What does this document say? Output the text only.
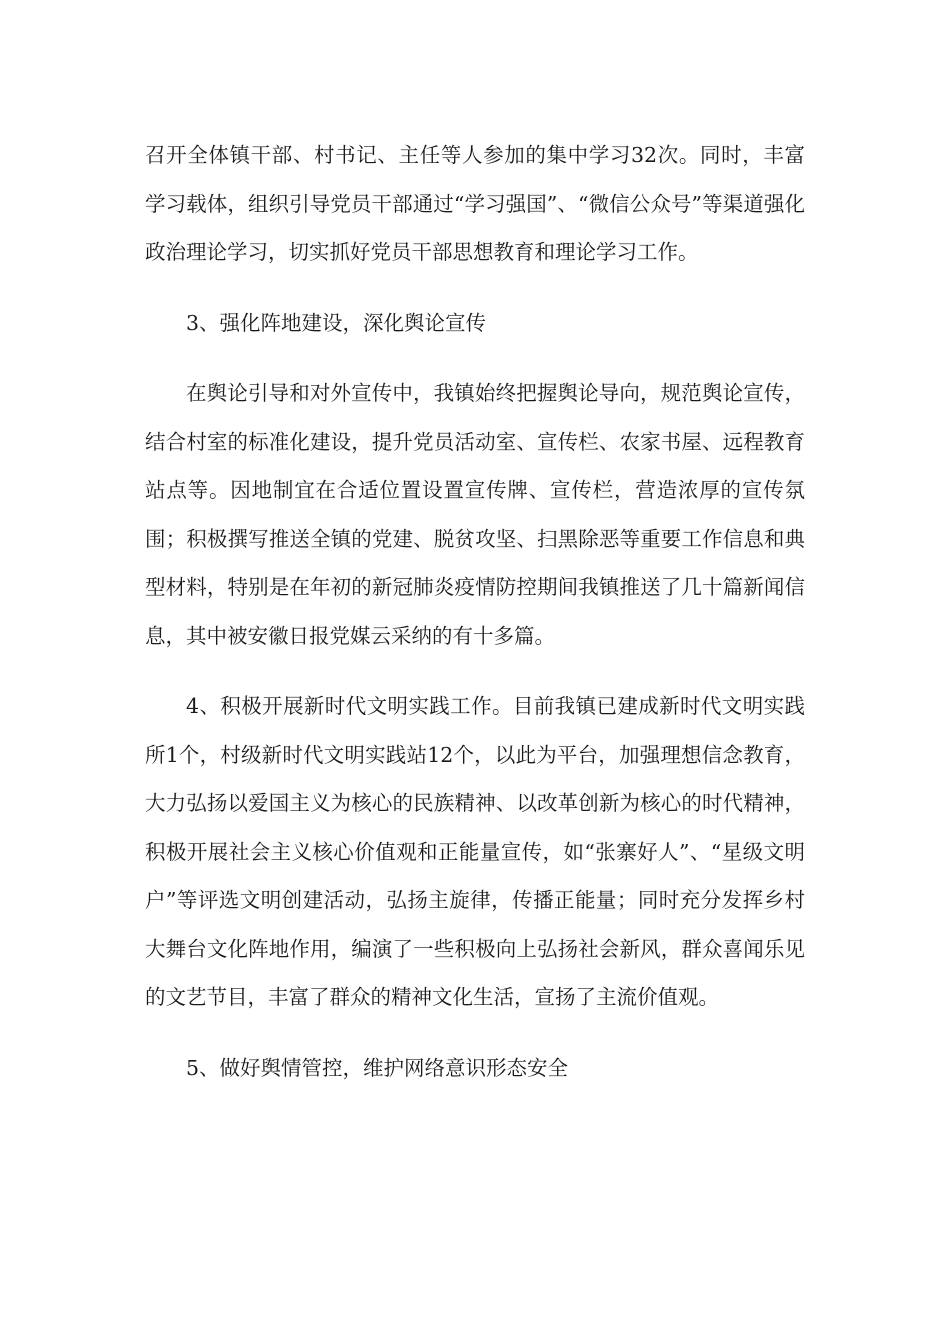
召开全体镇干部、村书记、主任等人参加的集中学习32次。同时，丰富学习载体，组织引导党员干部通过“学习强国”、“微信公众号”等渠道强化政治理论学习，切实抓好党员干部思想教育和理论学习工作。

3、强化阵地建设，深化舆论宣传

在舆论引导和对外宣传中，我镇始终把握舆论导向，规范舆论宣传，结合村室的标准化建设，提升党员活动室、宣传栏、农家书屋、远程教育站点等。因地制宜在合适位置设置宣传牌、宣传栏，营造浓厚的宣传氛围；积极撰写推送全镇的党建、脱贫攻坚、扫黑除恶等重要工作信息和典型材料，特别是在年初的新冠肺炎疫情防控期间我镇推送了几十篇新闻信息，其中被安徽日报党媒云采纳的有十多篇。

4、积极开展新时代文明实践工作。目前我镇已建成新时代文明实践所1个，村级新时代文明实践站12个，以此为平台，加强理想信念教育，大力弘扬以爱国主义为核心的民族精神、以改革创新为核心的时代精神，积极开展社会主义核心价值观和正能量宣传，如“张寨好人”、“星级文明户”等评选文明创建活动，弘扬主旋律，传播正能量；同时充分发挥乡村大舞台文化阵地作用，编演了一些积极向上弘扬社会新风，群众喜闻乐见的文艺节目，丰富了群众的精神文化生活，宣扬了主流价值观。

5、做好舆情管控，维护网络意识形态安全
